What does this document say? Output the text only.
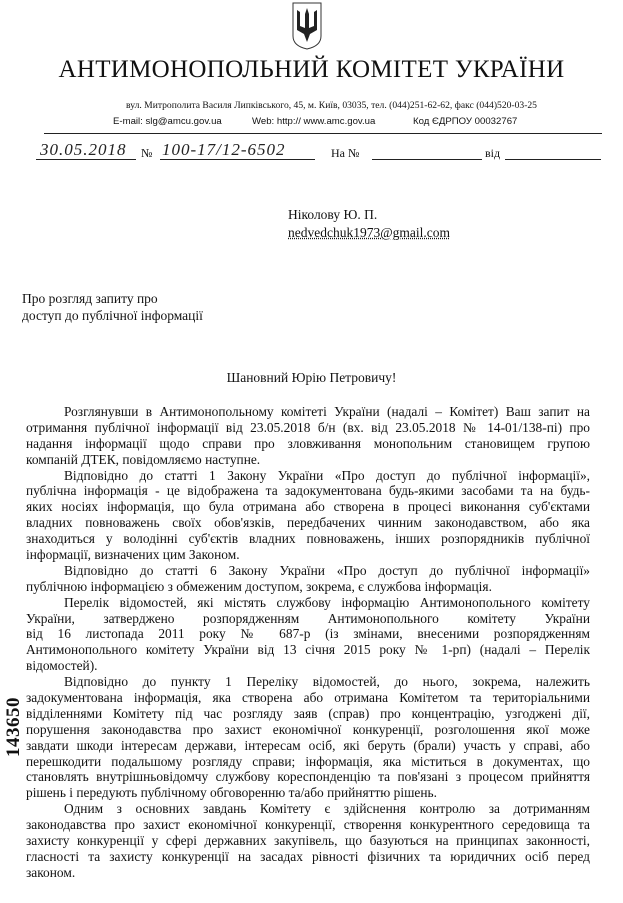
АНТИМОНОПОЛЬНИЙ КОМІТЕТ УКРАЇНИ
вул. Митрополита Василя Липківського, 45, м. Київ, 03035, тел. (044)251-62-62, факс (044)520-03-25
E-mail: slg@amcu.gov.ua	Web: http:// www.amc.gov.ua	Код ЄДРПОУ 00032767
30.05.2018 № 100-17/12-6502	На №	від
Ніколову Ю. П.
nedvedchuk1973@gmail.com
Про розгляд запиту про
доступ до публічної інформації
Шановний Юрію Петровичу!
Розглянувши в Антимонопольному комітеті України (надалі – Комітет) Ваш запит на
отримання публічної інформації від 23.05.2018 б/н (вх. від 23.05.2018 № 14-01/138-пі) про
надання інформації щодо справи про зловживання монопольним становищем групою
компаній ДТЕК, повідомляємо наступне.
Відповідно до статті 1 Закону України «Про доступ до публічної інформації»,
публічна інформація - це відображена та задокументована будь-якими засобами та на будь-
яких носіях інформація, що була отримана або створена в процесі виконання суб'єктами
владних повноважень своїх обов'язків, передбачених чинним законодавством, або яка
знаходиться у володінні суб'єктів владних повноважень, інших розпорядників публічної
інформації, визначених цим Законом.
Відповідно до статті 6 Закону України «Про доступ до публічної інформації»
публічною інформацією з обмеженим доступом, зокрема, є службова інформація.
Перелік відомостей, які містять службову інформацію Антимонопольного комітету
України, затверджено розпорядженням Антимонопольного комітету України
від 16 листопада 2011 року № 687-р (із змінами, внесеними розпорядженням
Антимонопольного комітету України від 13 січня 2015 року № 1-рп) (надалі – Перелік
відомостей).
Відповідно до пункту 1 Переліку відомостей, до нього, зокрема, належить
задокументована інформація, яка створена або отримана Комітетом та територіальними
відділеннями Комітету під час розгляду заяв (справ) про концентрацію, узгоджені дії,
порушення законодавства про захист економічної конкуренції, розголошення якої може
завдати шкоди інтересам держави, інтересам осіб, які беруть (брали) участь у справі, або
перешкодити подальшому розгляду справи; інформація, яка міститься в документах, що
становлять внутрішньовідомчу службову кореспонденцію та пов'язані з процесом прийняття
рішень і передують публічному обговоренню та/або прийняттю рішень.
Одним з основних завдань Комітету є здійснення контролю за дотриманням
законодавства про захист економічної конкуренції, створення конкурентного середовища та
захисту конкуренції у сфері державних закупівель, що базуються на принципах законності,
гласності та захисту конкуренції на засадах рівності фізичних та юридичних осіб перед
законом.
143650
